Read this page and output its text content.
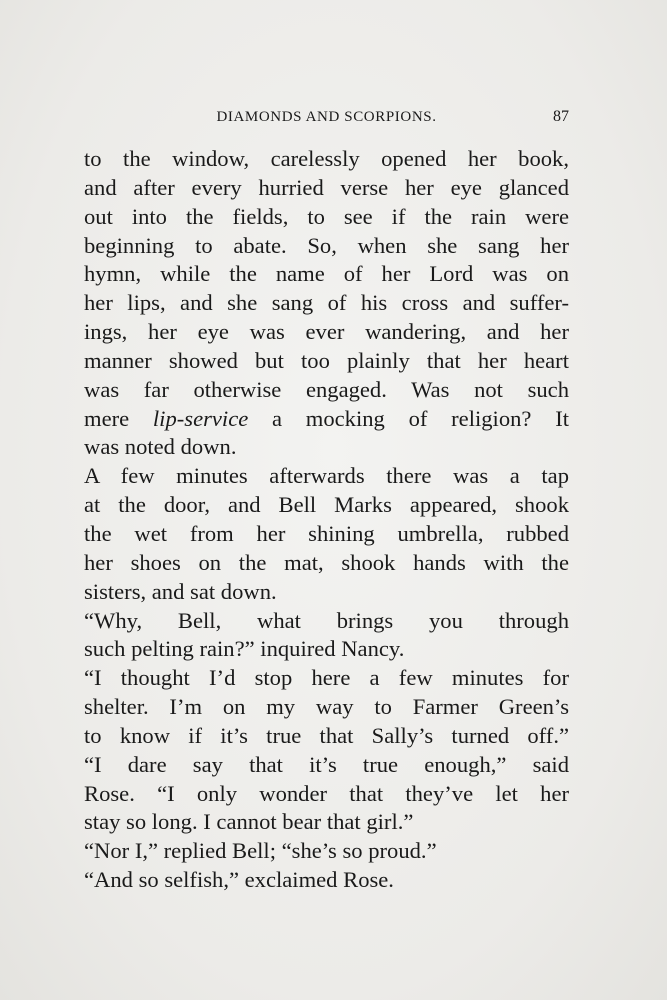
DIAMONDS AND SCORPIONS.	87
to the window, carelessly opened her book,
and after every hurried verse her eye glanced
out into the fields, to see if the rain were
beginning to abate. So, when she sang her
hymn, while the name of her Lord was on
her lips, and she sang of his cross and suffer-
ings, her eye was ever wandering, and her
manner showed but too plainly that her heart
was far otherwise engaged. Was not such
mere lip-service a mocking of religion? It
was noted down.
A few minutes afterwards there was a tap
at the door, and Bell Marks appeared, shook
the wet from her shining umbrella, rubbed
her shoes on the mat, shook hands with the
sisters, and sat down.
“Why, Bell, what brings you through
such pelting rain?” inquired Nancy.
“I thought I’d stop here a few minutes for
shelter. I’m on my way to Farmer Green’s
to know if it’s true that Sally’s turned off.”
“I dare say that it’s true enough,” said
Rose. “I only wonder that they’ve let her
stay so long. I cannot bear that girl.”
“Nor I,” replied Bell; “she’s so proud.”
“And so selfish,” exclaimed Rose.
